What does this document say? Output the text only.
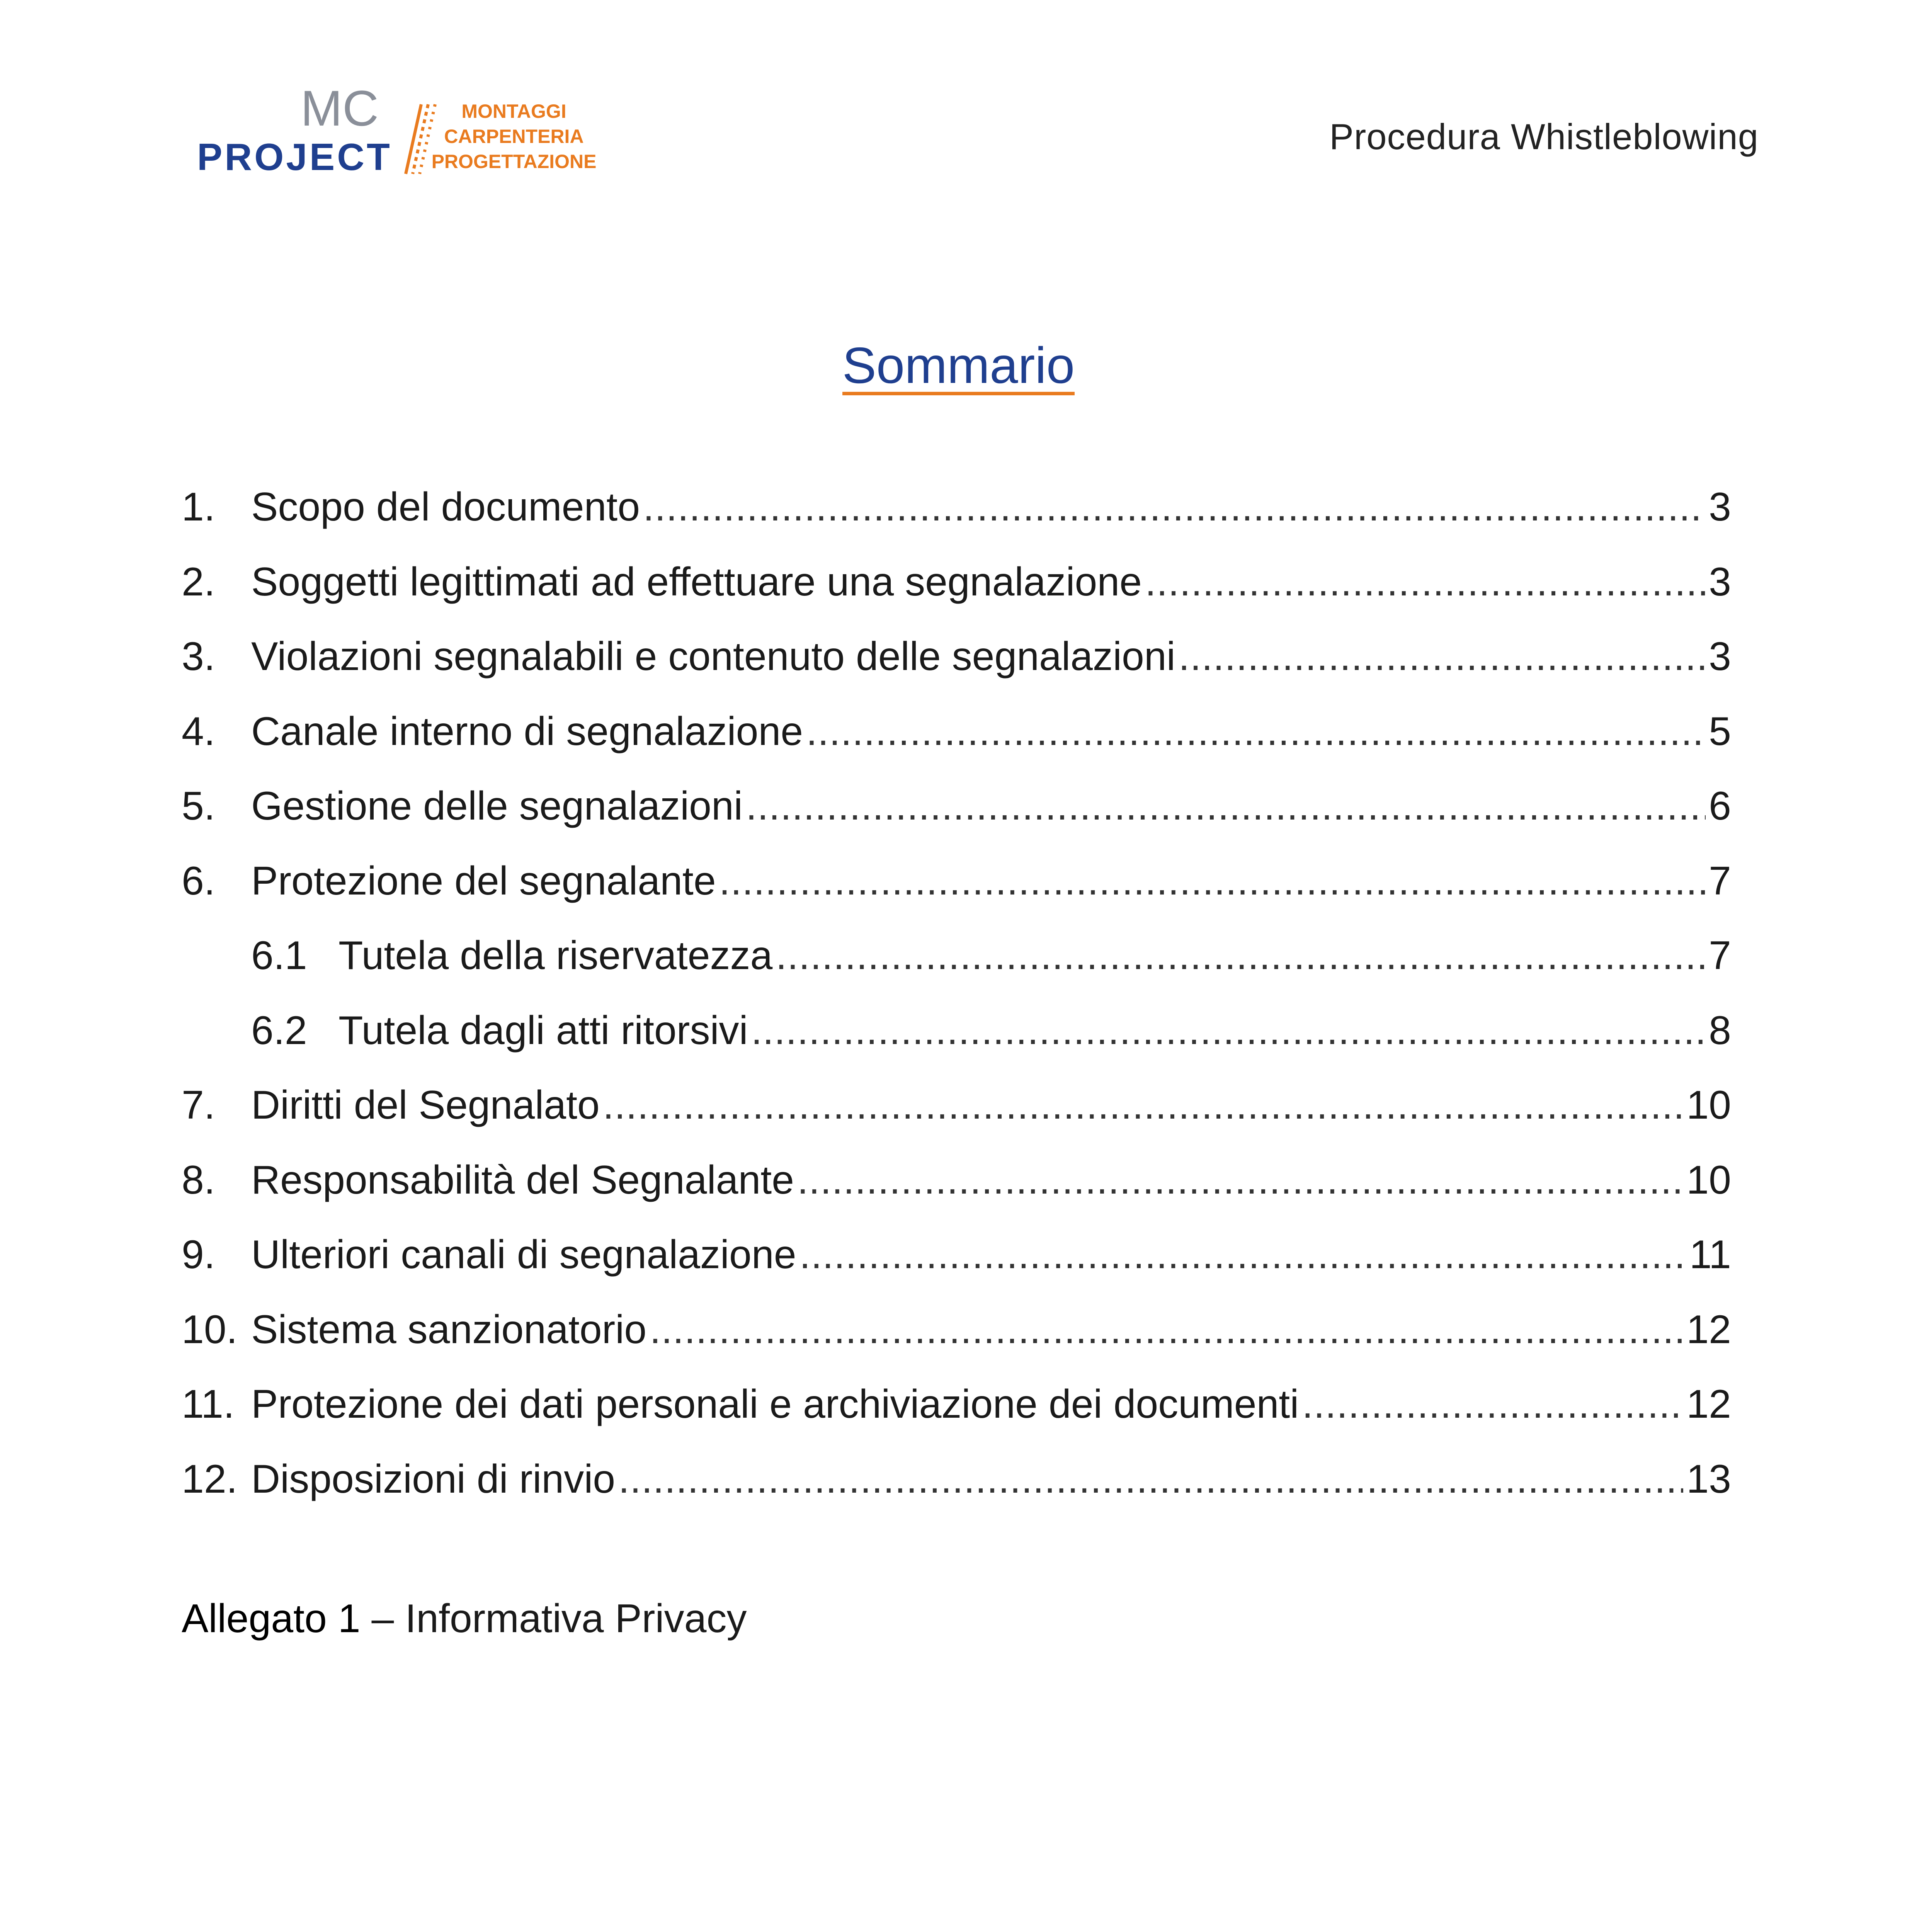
MC
PROJECT
MONTAGGI
CARPENTERIA
PROGETTAZIONE
Procedura Whistleblowing
Sommario
1. Scopo del documento . . .	3
2. Soggetti legittimati ad effettuare una segnalazione . . .	3
3. Violazioni segnalabili e contenuto delle segnalazioni . . .	3
4. Canale interno di segnalazione . . .	5
5. Gestione delle segnalazioni . . .	6
6. Protezione del segnalante . . .	7
6.1 Tutela della riservatezza . . .	7
6.2 Tutela dagli atti ritorsivi . . .	8
7. Diritti del Segnalato . . .	10
8. Responsabilità del Segnalante . . .	10
9. Ulteriori canali di segnalazione . . .	11
10. Sistema sanzionatorio . . .	12
11. Protezione dei dati personali e archiviazione dei documenti . . .	12
12. Disposizioni di rinvio . . .	13
Allegato 1 – Informativa Privacy
